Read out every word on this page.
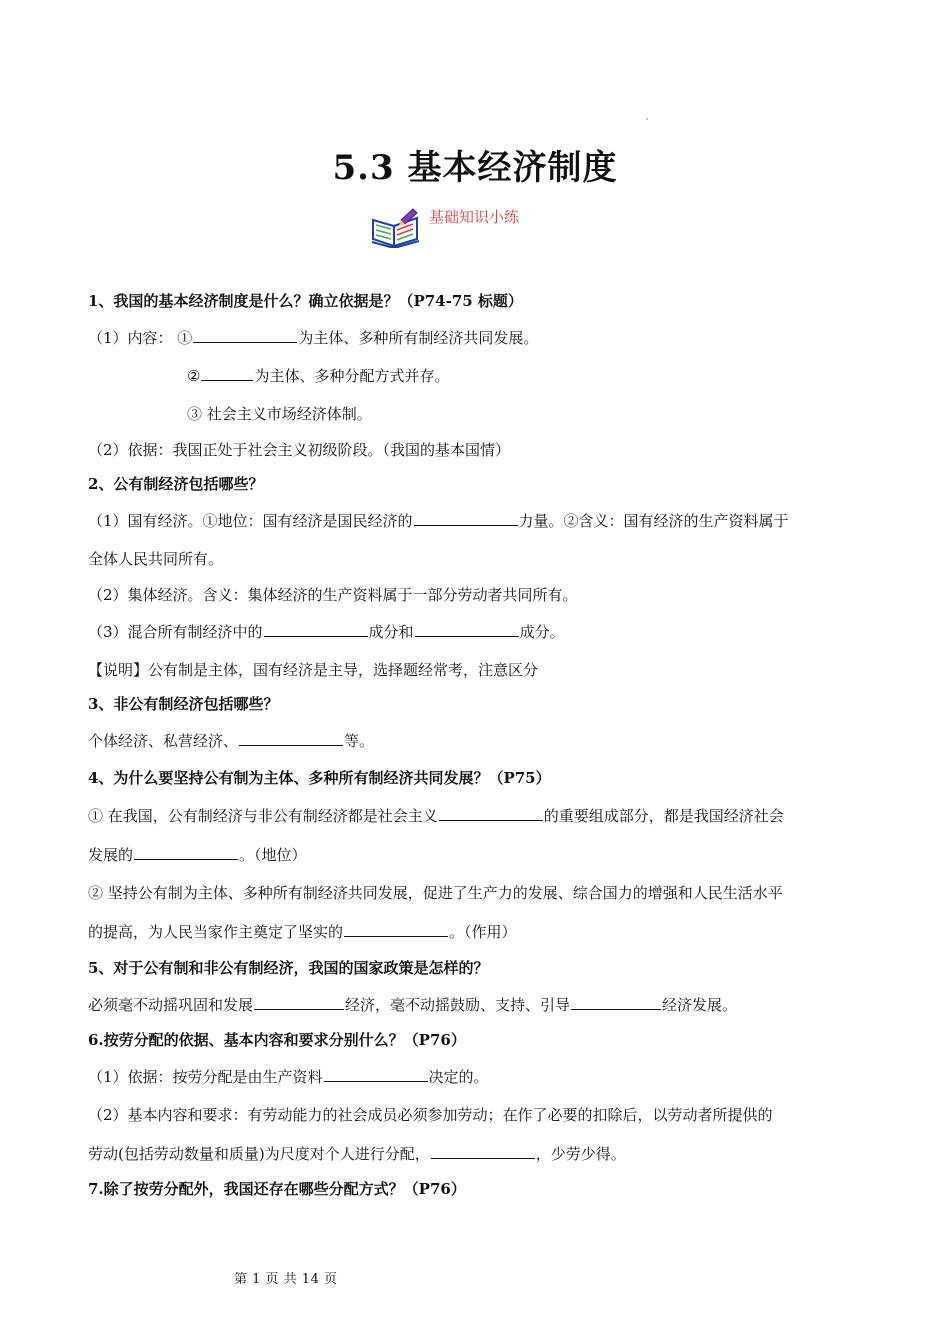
5.3 基本经济制度
基础知识小练
1、我国的基本经济制度是什么？确立依据是？（P74-75 标题）
（1）内容： ①	为主体、多种所有制经济共同发展。
②	为主体、多种分配方式并存。
③ 社会主义市场经济体制。
（2）依据：我国正处于社会主义初级阶段。（我国的基本国情）
2、公有制经济包括哪些？
（1）国有经济。①地位：国有经济是国民经济的	力量。②含义：国有经济的生产资料属于
全体人民共同所有。
（2）集体经济。含义：集体经济的生产资料属于一部分劳动者共同所有。
（3）混合所有制经济中的	成分和	成分。
【说明】公有制是主体，国有经济是主导，选择题经常考，注意区分
3、非公有制经济包括哪些？
个体经济、私营经济、	等。
4、为什么要坚持公有制为主体、多种所有制经济共同发展？（P75）
① 在我国，公有制经济与非公有制经济都是社会主义	的重要组成部分，都是我国经济社会
发展的	。（地位）
② 坚持公有制为主体、多种所有制经济共同发展，促进了生产力的发展、综合国力的增强和人民生活水平
的提高，为人民当家作主奠定了坚实的	。（作用）
5、对于公有制和非公有制经济，我国的国家政策是怎样的？
必须毫不动摇巩固和发展	经济，毫不动摇鼓励、支持、引导	经济发展。
6.按劳分配的依据、基本内容和要求分别什么？（P76）
（1）依据：按劳分配是由生产资料	决定的。
（2）基本内容和要求：有劳动能力的社会成员必须参加劳动；在作了必要的扣除后，以劳动者所提供的
劳动(包括劳动数量和质量)为尺度对个人进行分配，	，少劳少得。
7.除了按劳分配外，我国还存在哪些分配方式？（P76）
第 1 页 共 14 页
